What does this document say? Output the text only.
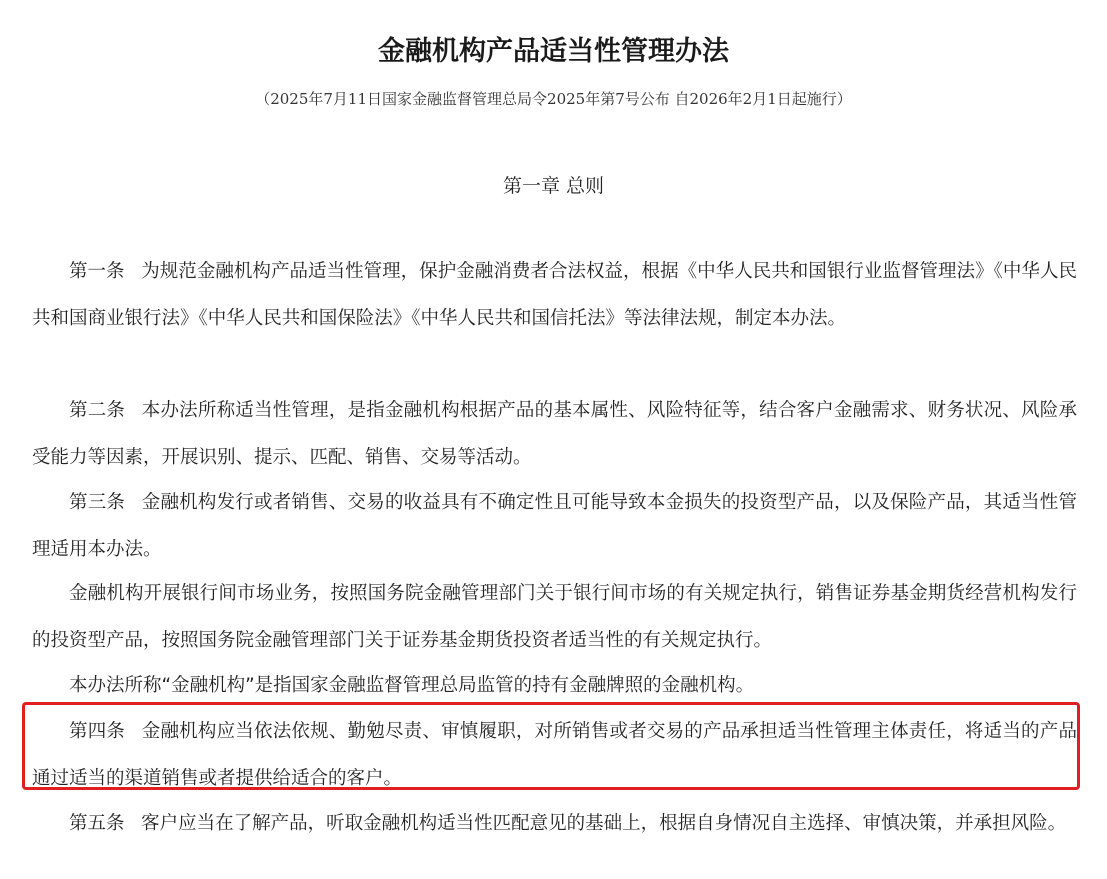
金融机构产品适当性管理办法
（2025年7月11日国家金融监督管理总局令2025年第7号公布 自2026年2月1日起施行）
第一章 总则

第一条 为规范金融机构产品适当性管理，保护金融消费者合法权益，根据《中华人民共和国银行业监督管理法》《中华人民共和国商业银行法》《中华人民共和国保险法》《中华人民共和国信托法》等法律法规，制定本办法。

第二条 本办法所称适当性管理，是指金融机构根据产品的基本属性、风险特征等，结合客户金融需求、财务状况、风险承受能力等因素，开展识别、提示、匹配、销售、交易等活动。

第三条 金融机构发行或者销售、交易的收益具有不确定性且可能导致本金损失的投资型产品，以及保险产品，其适当性管理适用本办法。

金融机构开展银行间市场业务，按照国务院金融管理部门关于银行间市场的有关规定执行，销售证券基金期货经营机构发行的投资型产品，按照国务院金融管理部门关于证券基金期货投资者适当性的有关规定执行。

本办法所称“金融机构”是指国家金融监督管理总局监管的持有金融牌照的金融机构。

第四条 金融机构应当依法依规、勤勉尽责、审慎履职，对所销售或者交易的产品承担适当性管理主体责任，将适当的产品通过适当的渠道销售或者提供给适合的客户。

第五条 客户应当在了解产品，听取金融机构适当性匹配意见的基础上，根据自身情况自主选择、审慎决策，并承担风险。
